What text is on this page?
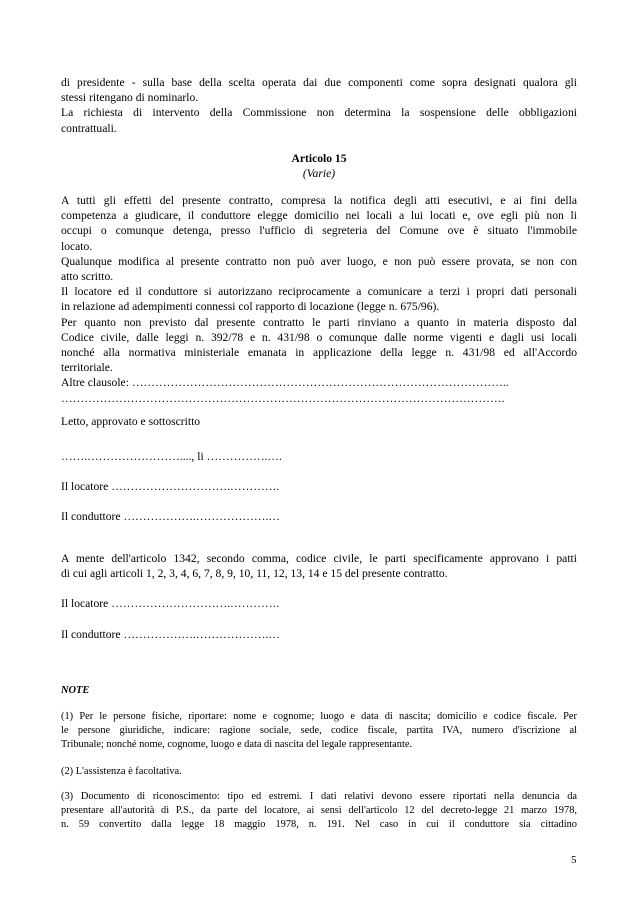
di presidente - sulla base della scelta operata dai due componenti come sopra designati qualora gli
stessi ritengano di nominarlo.
La richiesta di intervento della Commissione non determina la sospensione delle obbligazioni
contrattuali.
Articolo 15
(Varie)
A tutti gli effetti del presente contratto, compresa la notifica degli atti esecutivi, e ai fini della
competenza a giudicare, il conduttore elegge domicilio nei locali a lui locati e, ove egli più non li
occupi o comunque detenga, presso l'ufficio di segreteria del Comune ove è situato l'immobile
locato.
Qualunque modifica al presente contratto non può aver luogo, e non può essere provata, se non con
atto scritto.
Il locatore ed il conduttore si autorizzano reciprocamente a comunicare a terzi i propri dati personali
in relazione ad adempimenti connessi col rapporto di locazione (legge n. 675/96).
Per quanto non previsto dal presente contratto le parti rinviano a quanto in materia disposto dal
Codice civile, dalle leggi n. 392/78 e n. 431/98 o comunque dalle norme vigenti e dagli usi locali
nonché alla normativa ministeriale emanata in applicazione della legge n. 431/98 ed all'Accordo
territoriale.
Altre clausole: ……………………………………………………………………………………..
…………………………………………………………………………………………………….
Letto, approvato e sottoscritto
…….……………………...., li …………….….
Il locatore ………………………….………….
Il conduttore ……………….……………….…
A mente dell'articolo 1342, secondo comma, codice civile, le parti specificamente approvano i patti
di cui agli articoli 1, 2, 3, 4, 6, 7, 8, 9, 10, 11, 12, 13, 14 e 15 del presente contratto.
Il locatore ………………………….………….
Il conduttore ……………….……………….…
NOTE
(1) Per le persone fisiche, riportare: nome e cognome; luogo e data di nascita; domicilio e codice fiscale. Per
le persone giuridiche, indicare: ragione sociale, sede, codice fiscale, partita IVA, numero d'iscrizione al
Tribunale; nonché nome, cognome, luogo e data di nascita del legale rappresentante.
(2) L'assistenza è facoltativa.
(3) Documento di riconoscimento: tipo ed estremi. I dati relativi devono essere riportati nella denuncia da
presentare all'autorità di P.S., da parte del locatore, ai sensi dell'articolo 12 del decreto-legge 21 marzo 1978,
n. 59 convertito dalla legge 18 maggio 1978, n. 191. Nel caso in cui il conduttore sia cittadino
5
